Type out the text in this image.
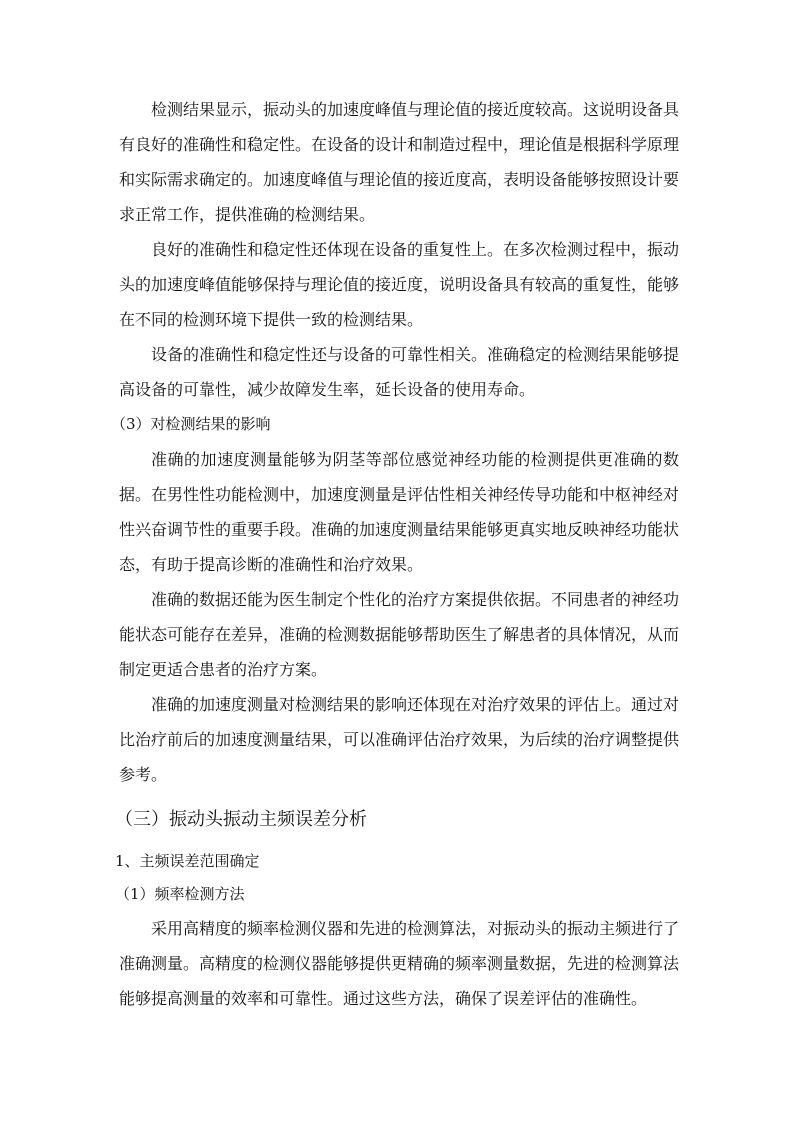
检测结果显示，振动头的加速度峰值与理论值的接近度较高。这说明设备具有良好的准确性和稳定性。在设备的设计和制造过程中，理论值是根据科学原理和实际需求确定的。加速度峰值与理论值的接近度高，表明设备能够按照设计要求正常工作，提供准确的检测结果。

良好的准确性和稳定性还体现在设备的重复性上。在多次检测过程中，振动头的加速度峰值能够保持与理论值的接近度，说明设备具有较高的重复性，能够在不同的检测环境下提供一致的检测结果。

设备的准确性和稳定性还与设备的可靠性相关。准确稳定的检测结果能够提高设备的可靠性，减少故障发生率，延长设备的使用寿命。

（3）对检测结果的影响

准确的加速度测量能够为阴茎等部位感觉神经功能的检测提供更准确的数据。在男性性功能检测中，加速度测量是评估性相关神经传导功能和中枢神经对性兴奋调节性的重要手段。准确的加速度测量结果能够更真实地反映神经功能状态，有助于提高诊断的准确性和治疗效果。

准确的数据还能为医生制定个性化的治疗方案提供依据。不同患者的神经功能状态可能存在差异，准确的检测数据能够帮助医生了解患者的具体情况，从而制定更适合患者的治疗方案。

准确的加速度测量对检测结果的影响还体现在对治疗效果的评估上。通过对比治疗前后的加速度测量结果，可以准确评估治疗效果，为后续的治疗调整提供参考。

（三）振动头振动主频误差分析

1、主频误差范围确定

（1）频率检测方法

采用高精度的频率检测仪器和先进的检测算法，对振动头的振动主频进行了准确测量。高精度的检测仪器能够提供更精确的频率测量数据，先进的检测算法能够提高测量的效率和可靠性。通过这些方法，确保了误差评估的准确性。
